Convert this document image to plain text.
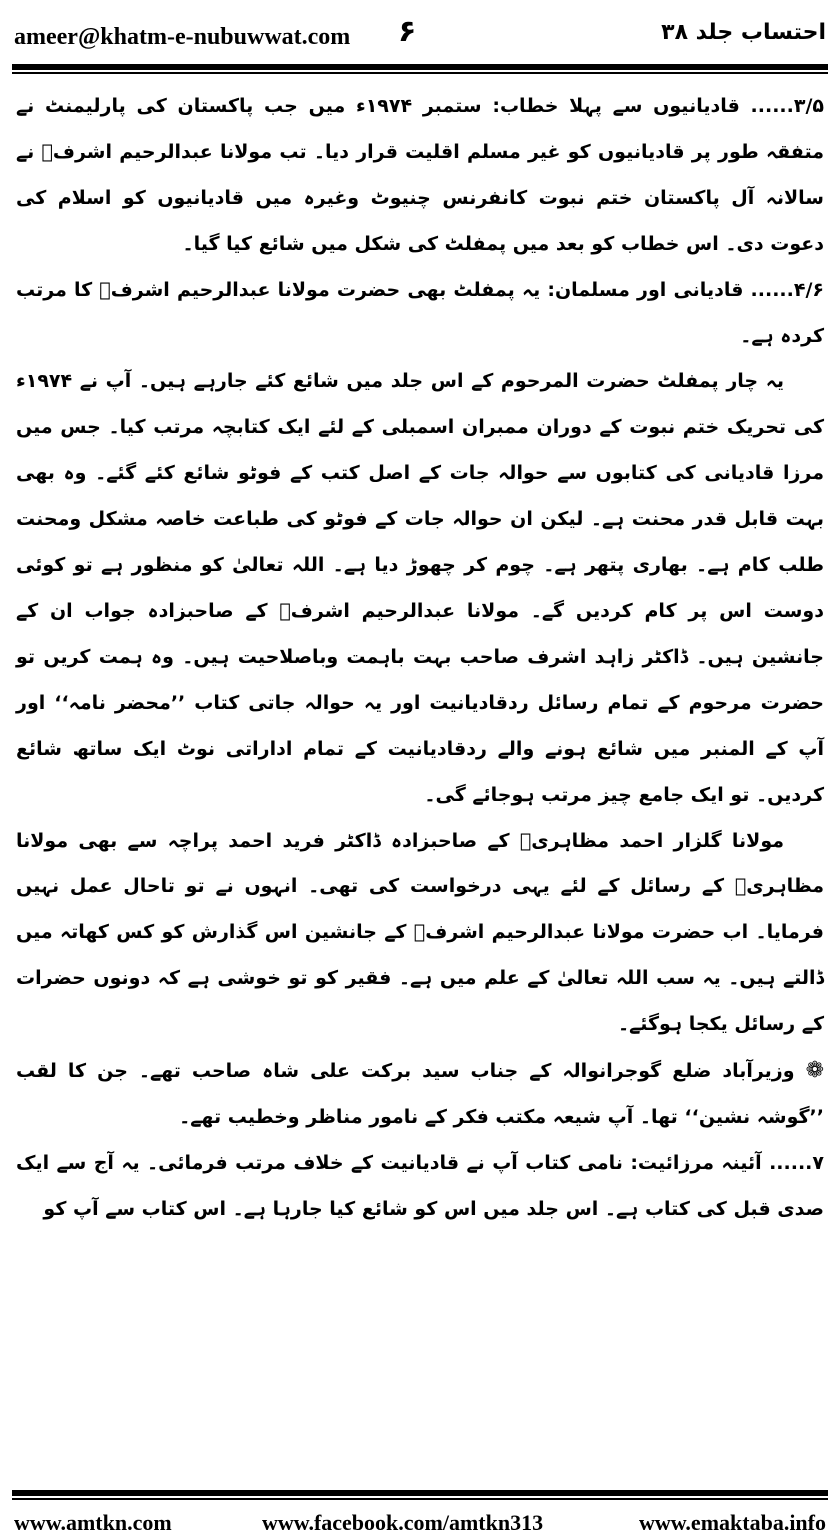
ameer@khatm-e-nubuwwat.com ۶	احتساب جلد ۳۸

۳/۵...... قادیانیوں سے پہلا خطاب: ستمبر ۱۹۷۴ء میں جب پاکستان کی پارلیمنٹ نے متفقہ طور پر قادیانیوں کو غیر مسلم اقلیت قرار دیا۔ تب مولانا عبدالرحیم اشرفؒ نے سالانہ آل پاکستان ختم نبوت کانفرنس چنیوٹ وغیرہ میں قادیانیوں کو اسلام کی دعوت دی۔ اس خطاب کو بعد میں پمفلٹ کی شکل میں شائع کیا گیا۔

۴/۶...... قادیانی اور مسلمان: یہ پمفلٹ بھی حضرت مولانا عبدالرحیم اشرفؒ کا مرتب کردہ ہے۔

یہ چار پمفلٹ حضرت المرحوم کے اس جلد میں شائع کئے جارہے ہیں۔ آپ نے ۱۹۷۴ء کی تحریک ختم نبوت کے دوران ممبران اسمبلی کے لئے ایک کتابچہ مرتب کیا۔ جس میں مرزا قادیانی کی کتابوں سے حوالہ جات کے اصل کتب کے فوٹو شائع کئے گئے۔ وہ بھی بہت قابل قدر محنت ہے۔ لیکن ان حوالہ جات کے فوٹو کی طباعت خاصہ مشکل ومحنت طلب کام ہے۔ بھاری پتھر ہے۔ چوم کر چھوڑ دیا ہے۔ اللہ تعالیٰ کو منظور ہے تو کوئی دوست اس پر کام کردیں گے۔ مولانا عبدالرحیم اشرفؒ کے صاحبزادہ جواب ان کے جانشین ہیں۔ ڈاکٹر زاہد اشرف صاحب بہت باہمت وباصلاحیت ہیں۔ وہ ہمت کریں تو حضرت مرحوم کے تمام رسائل ردقادیانیت اور یہ حوالہ جاتی کتاب ’’محضر نامہ‘‘ اور آپ کے المنبر میں شائع ہونے والے ردقادیانیت کے تمام اداراتی نوٹ ایک ساتھ شائع کردیں۔ تو ایک جامع چیز مرتب ہوجائے گی۔

مولانا گلزار احمد مظاہریؒ کے صاحبزادہ ڈاکٹر فرید احمد پراچہ سے بھی مولانا مظاہریؒ کے رسائل کے لئے یہی درخواست کی تھی۔ انہوں نے تو تاحال عمل نہیں فرمایا۔ اب حضرت مولانا عبدالرحیم اشرفؒ کے جانشین اس گذارش کو کس کھاتہ میں ڈالتے ہیں۔ یہ سب اللہ تعالیٰ کے علم میں ہے۔ فقیر کو تو خوشی ہے کہ دونوں حضرات کے رسائل یکجا ہوگئے۔

❁ وزیرآباد ضلع گوجرانوالہ کے جناب سید برکت علی شاہ صاحب تھے۔ جن کا لقب ’’گوشہ نشین‘‘ تھا۔ آپ شیعہ مکتب فکر کے نامور مناظر وخطیب تھے۔

۷...... آئینہ مرزائیت: نامی کتاب آپ نے قادیانیت کے خلاف مرتب فرمائی۔ یہ آج سے ایک صدی قبل کی کتاب ہے۔ اس جلد میں اس کو شائع کیا جارہا ہے۔ اس کتاب سے آپ کو

www.amtkn.com	www.facebook.com/amtkn313	www.emaktaba.info
